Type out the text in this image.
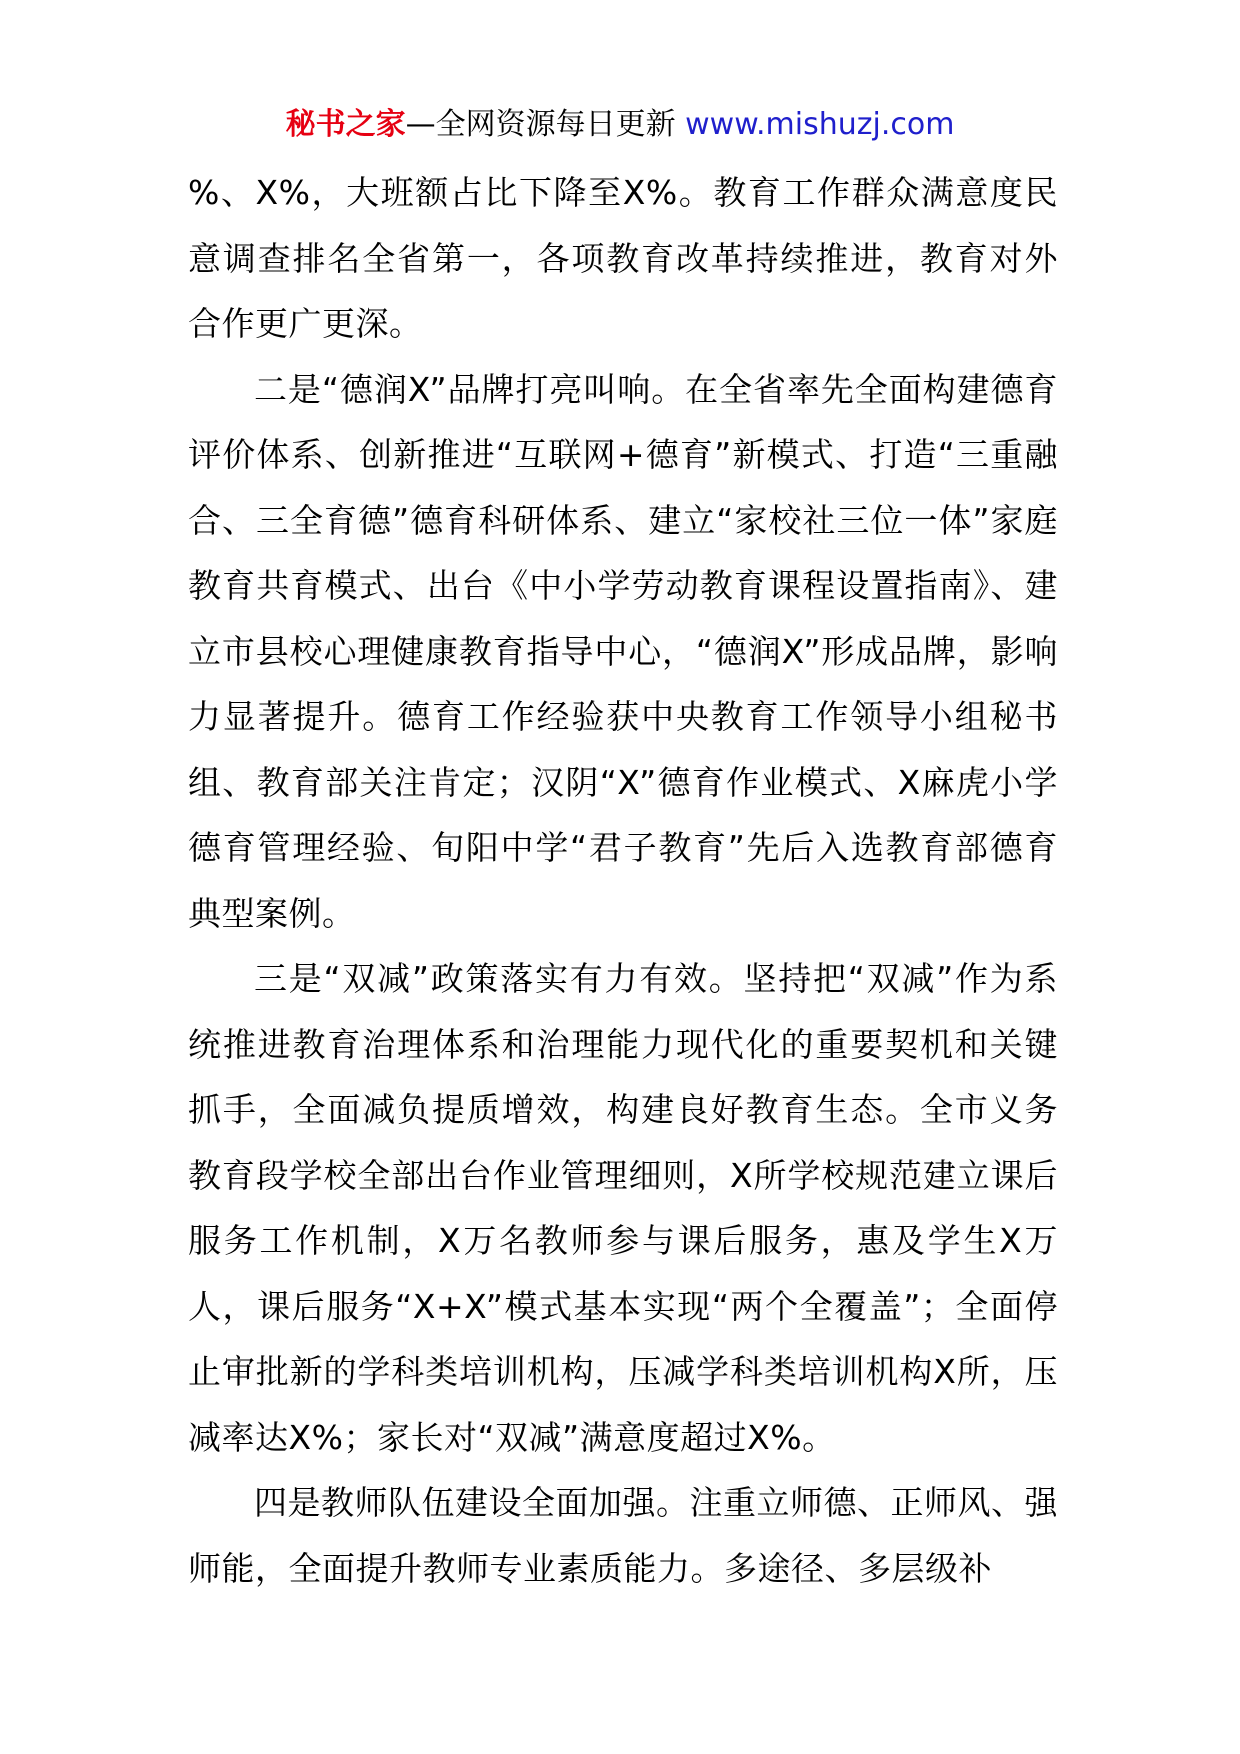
秘书之家—全网资源每日更新 www.mishuzj.com

%、X%，大班额占比下降至X%。教育工作群众满意度民意调查排名全省第一，各项教育改革持续推进，教育对外合作更广更深。

二是“德润X”品牌打亮叫响。在全省率先全面构建德育评价体系、创新推进“互联网+德育”新模式、打造“三重融合、三全育德”德育科研体系、建立“家校社三位一体”家庭教育共育模式、出台《中小学劳动教育课程设置指南》、建立市县校心理健康教育指导中心，“德润X”形成品牌，影响力显著提升。德育工作经验获中央教育工作领导小组秘书组、教育部关注肯定；汉阴“X”德育作业模式、X麻虎小学德育管理经验、旬阳中学“君子教育”先后入选教育部德育典型案例。

三是“双减”政策落实有力有效。坚持把“双减”作为系统推进教育治理体系和治理能力现代化的重要契机和关键抓手，全面减负提质增效，构建良好教育生态。全市义务教育段学校全部出台作业管理细则，X所学校规范建立课后服务工作机制，X万名教师参与课后服务，惠及学生X万人，课后服务“X+X”模式基本实现“两个全覆盖”；全面停止审批新的学科类培训机构，压减学科类培训机构X所，压减率达X%；家长对“双减”满意度超过X%。

四是教师队伍建设全面加强。注重立师德、正师风、强师能，全面提升教师专业素质能力。多途径、多层级补
